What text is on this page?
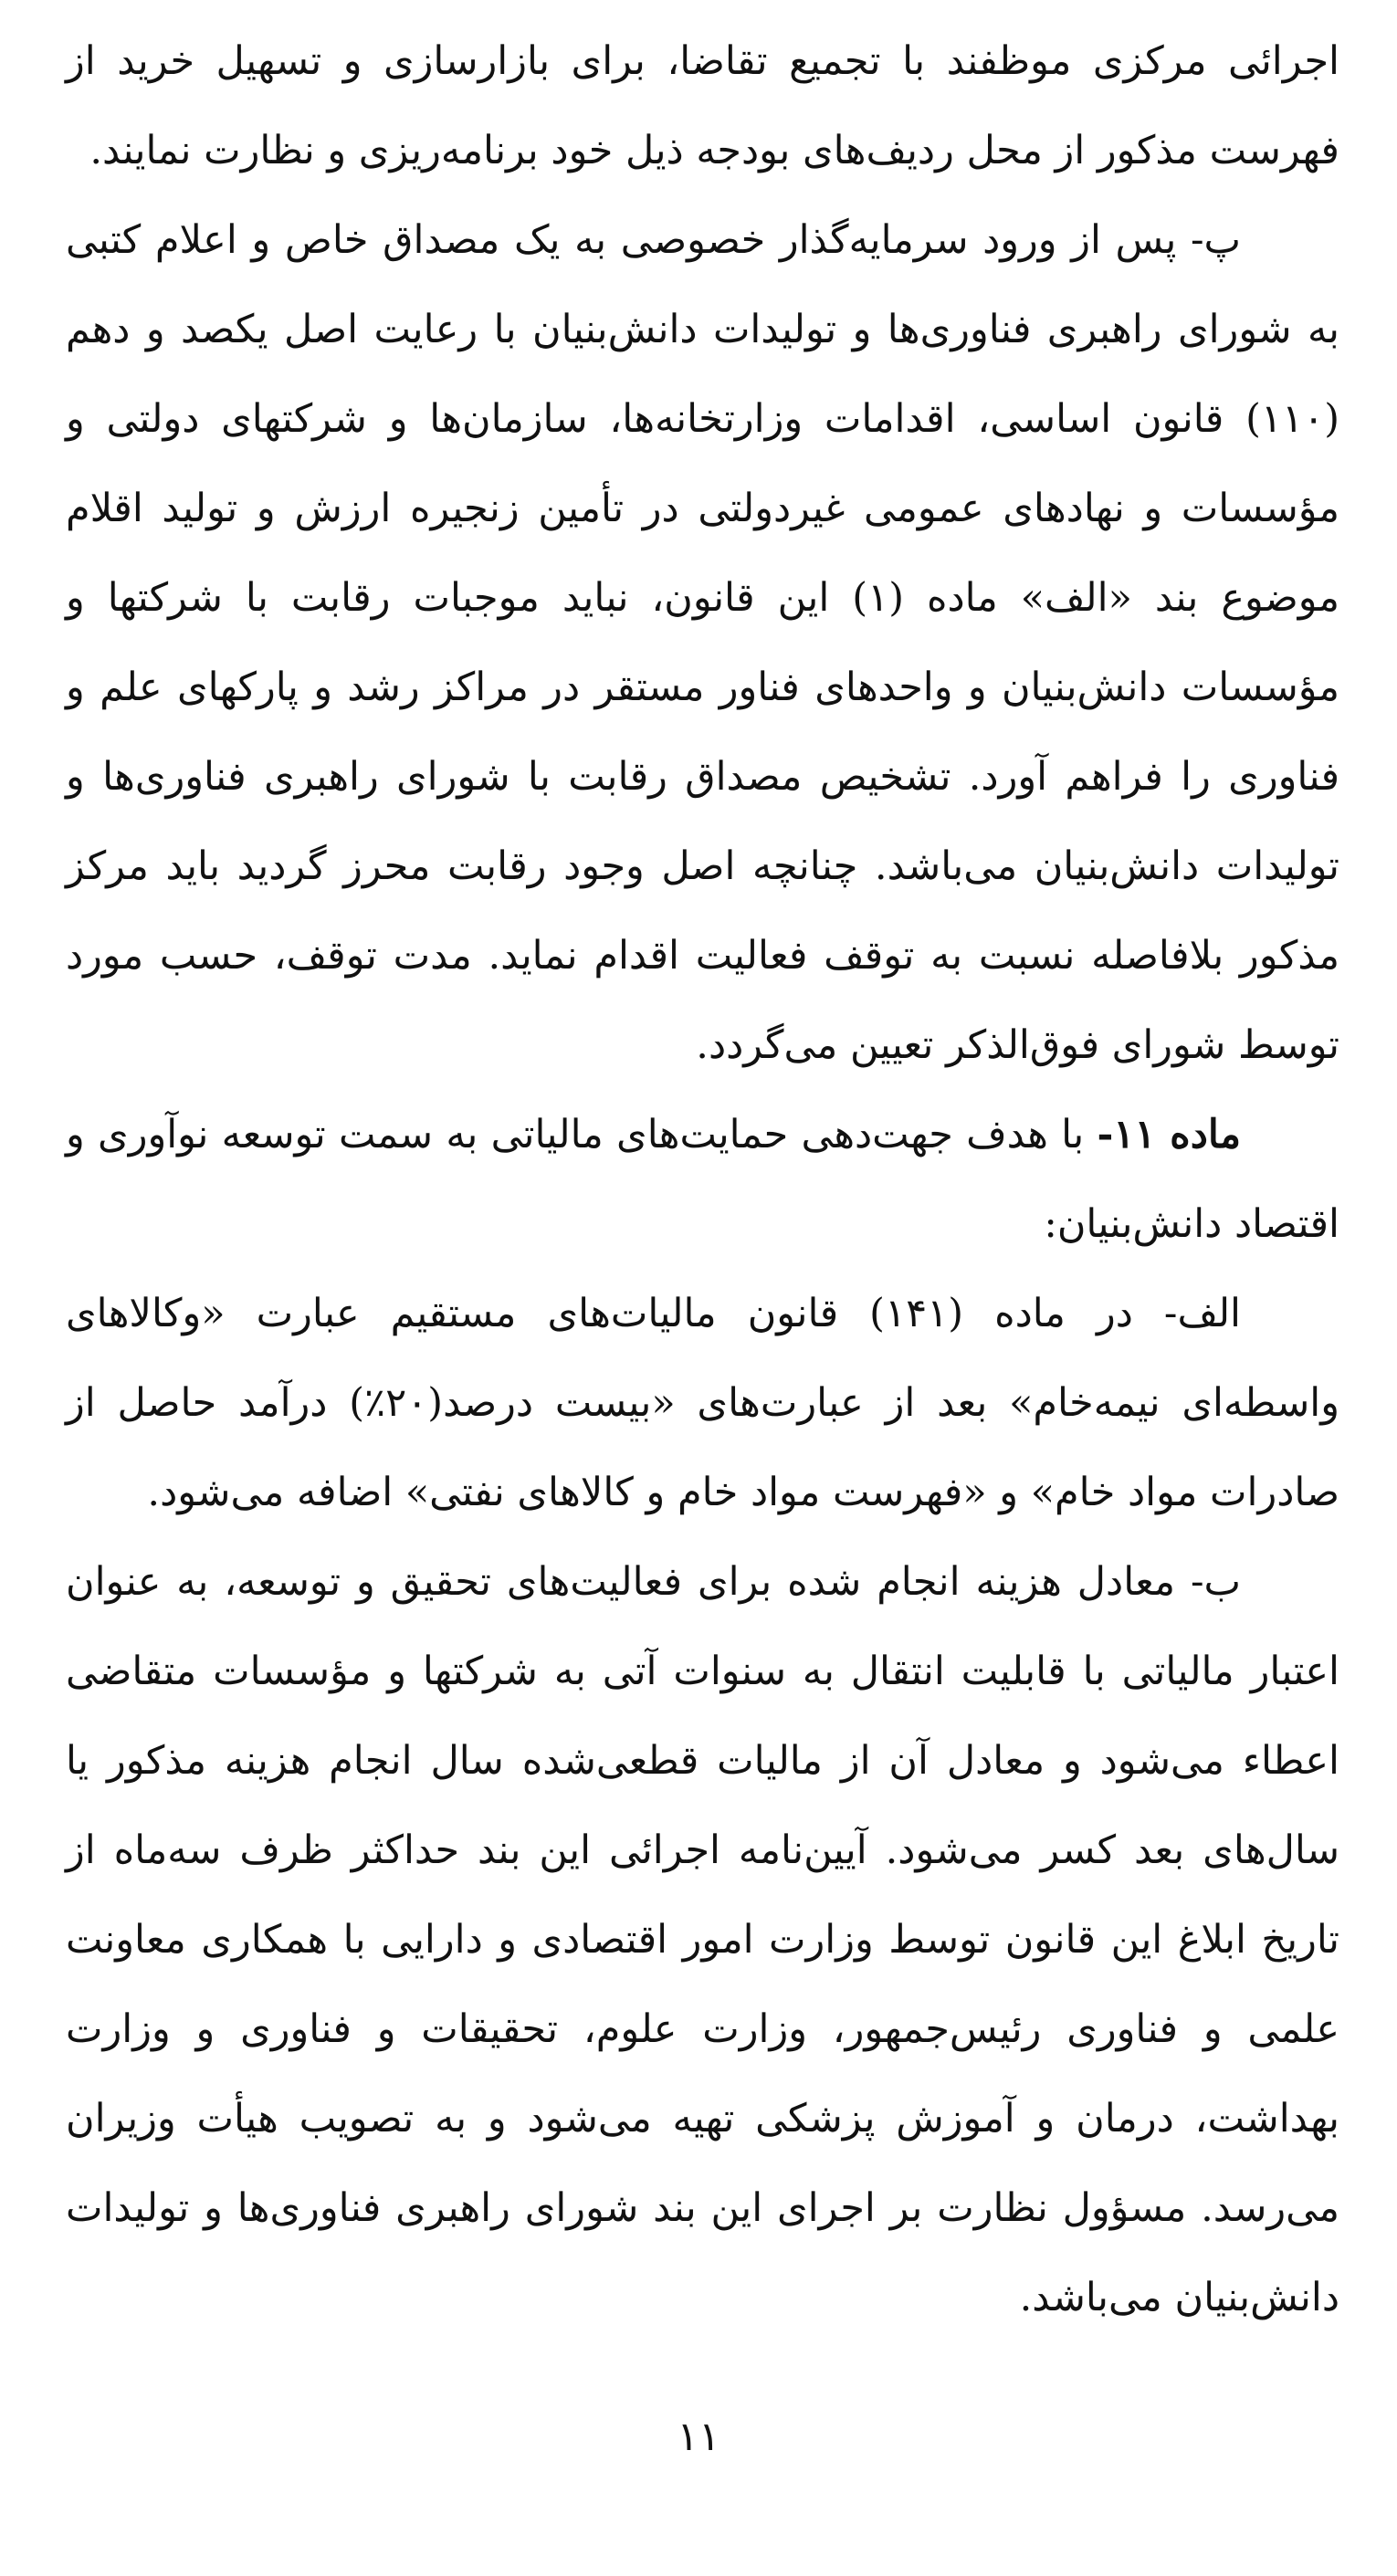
اجرائی مرکزی موظفند با تجمیع تقاضا، برای بازارسازی و تسهیل خرید از فهرست مذکور از محل ردیف‌های بودجه ذیل خود برنامه‌ریزی و نظارت نمایند.

پ- پس از ورود سرمایه‌گذار خصوصی به یک مصداق خاص و اعلام کتبی به شورای راهبری فناوری‌ها و تولیدات دانش‌بنیان با رعایت اصل یکصد و دهم (۱۱۰) قانون اساسی، اقدامات وزارتخانه‌ها، سازمان‌ها و شرکتهای دولتی و مؤسسات و نهادهای عمومی غیردولتی در تأمین زنجیره ارزش و تولید اقلام موضوع بند «الف» ماده (۱) این قانون، نباید موجبات رقابت با شرکتها و مؤسسات دانش‌بنیان و واحدهای فناور مستقر در مراکز رشد و پارکهای علم و فناوری را فراهم آورد. تشخیص مصداق رقابت با شورای راهبری فناوری‌ها و تولیدات دانش‌بنیان می‌باشد. چنانچه اصل وجود رقابت محرز گردید باید مرکز مذکور بلافاصله نسبت به توقف فعالیت اقدام نماید. مدت توقف، حسب مورد توسط شورای فوق‌الذکر تعیین می‌گردد.

ماده ۱۱- با هدف جهت‌دهی حمایت‌های مالیاتی به سمت توسعه نوآوری و اقتصاد دانش‌بنیان:

الف- در ماده (۱۴۱) قانون مالیات‌های مستقیم عبارت «وکالاهای واسطه‌ای نیمه‌خام» بعد از عبارت‌های «بیست درصد(۲۰٪) درآمد حاصل از صادرات مواد خام» و «فهرست مواد خام و کالاهای نفتی» اضافه می‌شود.

ب- معادل هزینه انجام شده برای فعالیت‌های تحقیق و توسعه، به عنوان اعتبار مالیاتی با قابلیت انتقال به سنوات آتی به شرکتها و مؤسسات متقاضی اعطاء می‌شود و معادل آن از مالیات قطعی‌شده سال انجام هزینه مذکور یا سال‌های بعد کسر می‌شود. آیین‌نامه اجرائی این بند حداکثر ظرف سه‌ماه از تاریخ ابلاغ این قانون توسط وزارت امور اقتصادی و دارایی با همکاری معاونت علمی و فناوری رئیس‌جمهور، وزارت علوم، تحقیقات و فناوری و وزارت بهداشت، درمان و آموزش پزشکی تهیه می‌شود و به تصویب هیأت وزیران می‌رسد. مسؤول نظارت بر اجرای این بند شورای راهبری فناوری‌ها و تولیدات دانش‌بنیان می‌باشد.

۱۱
